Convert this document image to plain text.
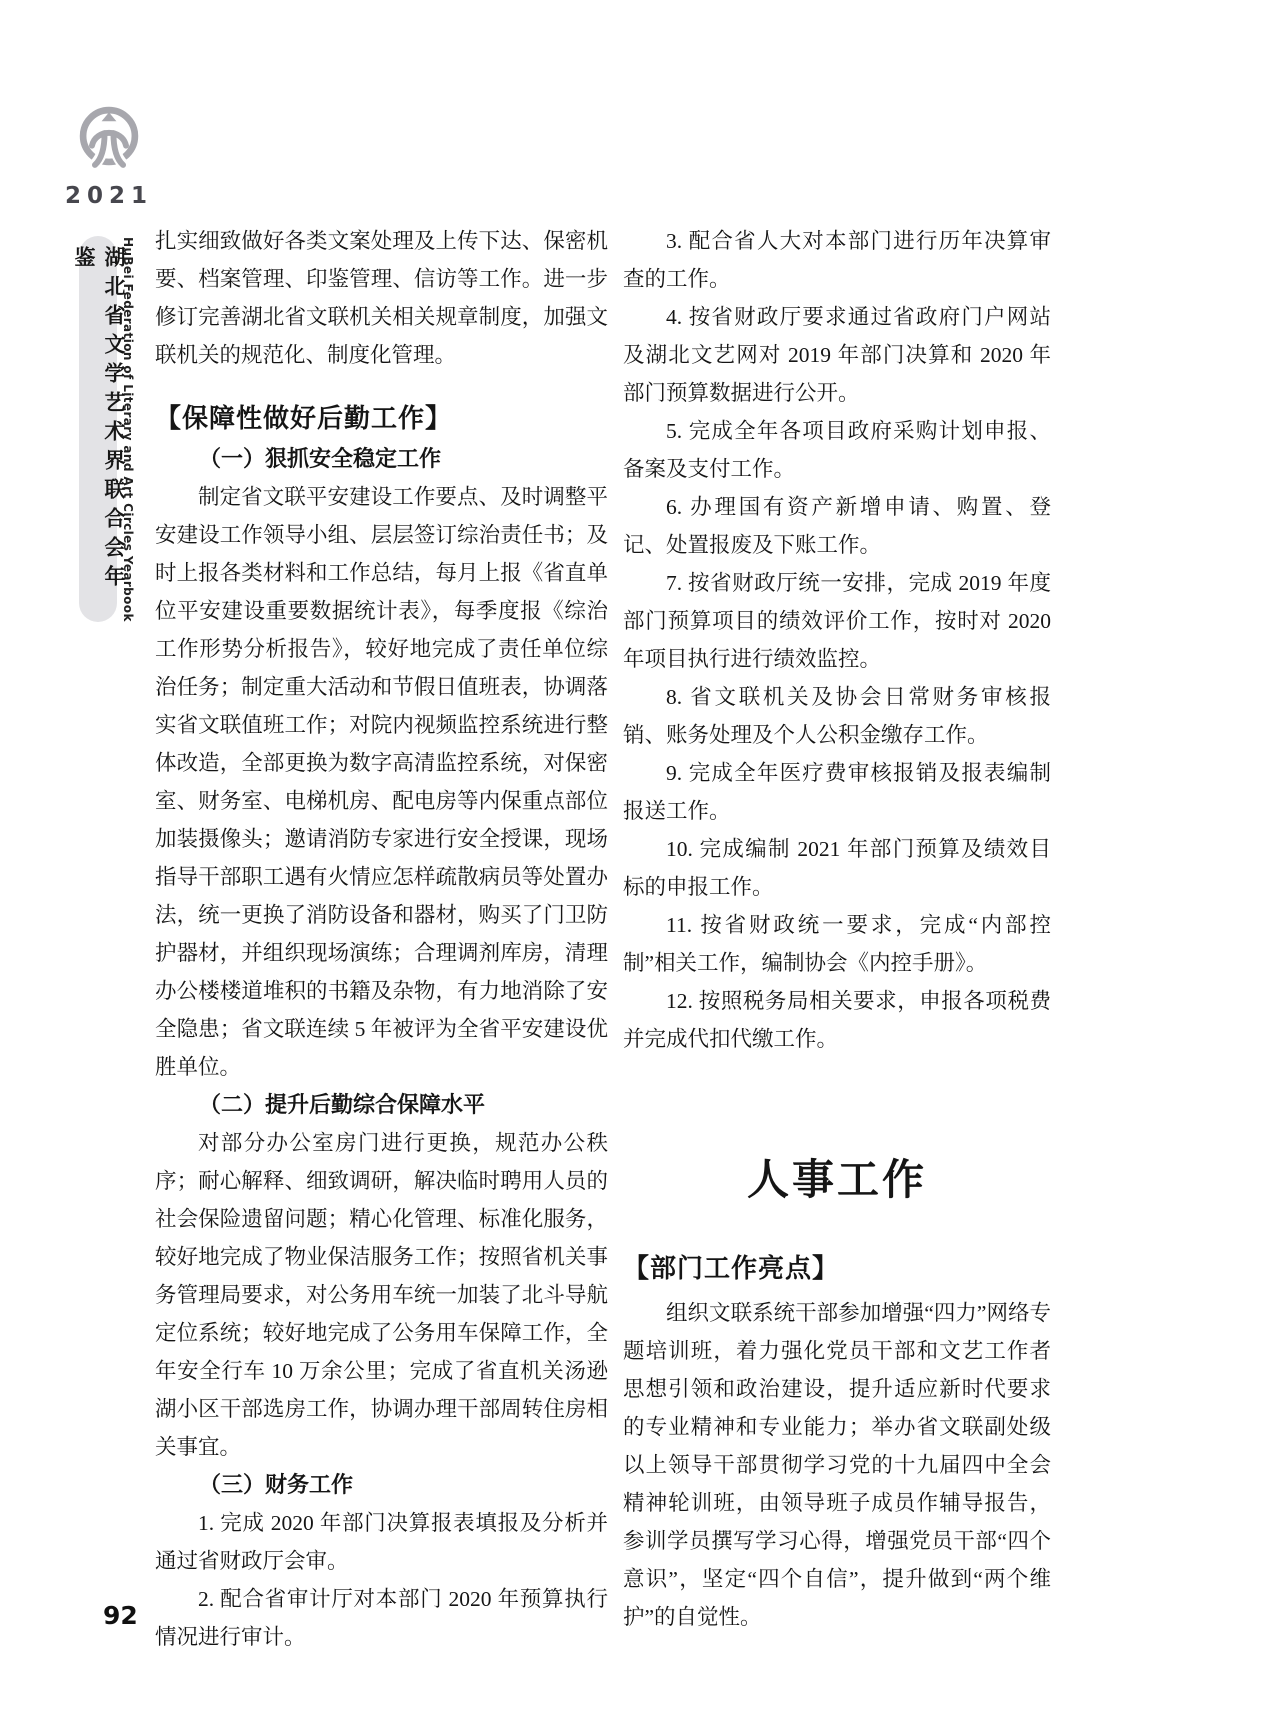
2021
湖北省文学艺术界联合会年鉴	HuBei Federation of Literary and Art Circles Yearbook 扎实细致做好各类文案处理及上传下达、保密机要、档案管理、印鉴管理、信访等工作。进一步修订完善湖北省文联机关相关规章制度，加强文联机关的规范化、制度化管理。

【保障性做好后勤工作】

（一）狠抓安全稳定工作

制定省文联平安建设工作要点、及时调整平安建设工作领导小组、层层签订综治责任书；及时上报各类材料和工作总结，每月上报《省直单位平安建设重要数据统计表》，每季度报《综治工作形势分析报告》，较好地完成了责任单位综治任务；制定重大活动和节假日值班表，协调落实省文联值班工作；对院内视频监控系统进行整体改造，全部更换为数字高清监控系统，对保密室、财务室、电梯机房、配电房等内保重点部位加装摄像头；邀请消防专家进行安全授课，现场指导干部职工遇有火情应怎样疏散病员等处置办法，统一更换了消防设备和器材，购买了门卫防护器材，并组织现场演练；合理调剂库房，清理办公楼楼道堆积的书籍及杂物，有力地消除了安全隐患；省文联连续 5 年被评为全省平安建设优胜单位。

（二）提升后勤综合保障水平

对部分办公室房门进行更换，规范办公秩序；耐心解释、细致调研，解决临时聘用人员的社会保险遗留问题；精心化管理、标准化服务，较好地完成了物业保洁服务工作；按照省机关事务管理局要求，对公务用车统一加装了北斗导航定位系统；较好地完成了公务用车保障工作，全年安全行车 10 万余公里；完成了省直机关汤逊湖小区干部选房工作，协调办理干部周转住房相关事宜。

（三）财务工作

1. 完成 2020 年部门决算报表填报及分析并通过省财政厅会审。

2. 配合省审计厅对本部门 2020 年预算执行情况进行审计。

3. 配合省人大对本部门进行历年决算审查的工作。

4. 按省财政厅要求通过省政府门户网站及湖北文艺网对 2019 年部门决算和 2020 年部门预算数据进行公开。

5. 完成全年各项目政府采购计划申报、备案及支付工作。

6. 办理国有资产新增申请、购置、登记、处置报废及下账工作。

7. 按省财政厅统一安排，完成 2019 年度部门预算项目的绩效评价工作，按时对 2020 年项目执行进行绩效监控。

8. 省文联机关及协会日常财务审核报销、账务处理及个人公积金缴存工作。

9. 完成全年医疗费审核报销及报表编制报送工作。

10. 完成编制 2021 年部门预算及绩效目标的申报工作。

11. 按省财政统一要求，完成“内部控制”相关工作，编制协会《内控手册》。

12. 按照税务局相关要求，申报各项税费并完成代扣代缴工作。

人事工作

【部门工作亮点】

组织文联系统干部参加增强“四力”网络专题培训班，着力强化党员干部和文艺工作者思想引领和政治建设，提升适应新时代要求的专业精神和专业能力；举办省文联副处级以上领导干部贯彻学习党的十九届四中全会精神轮训班，由领导班子成员作辅导报告，参训学员撰写学习心得，增强党员干部“四个意识”，坚定“四个自信”，提升做到“两个维护”的自觉性。

92
